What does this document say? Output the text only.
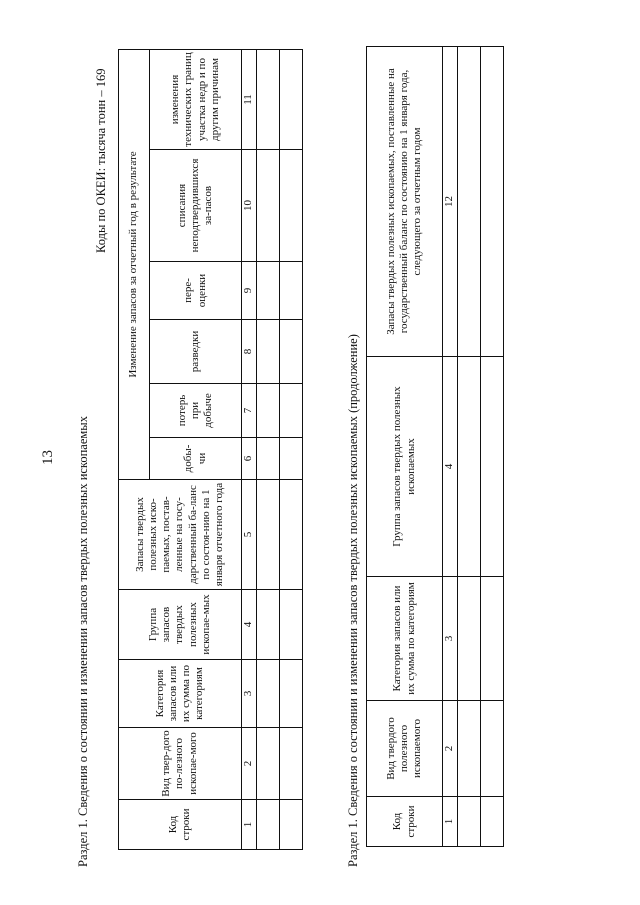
13 Раздел 1. Сведения о состоянии и изменении запасов твердых полезных ископаемых
Коды по ОКЕИ: тысяча тонн – 169
Код строки	Вид твер-дого по-лезного ископае-мого	Категория запасов или их сумма по категориям	Группа запасов твердых полезных ископае-мых	Запасы твердых полезных иско-паемых, постав-ленные на госу-дарственный ба-ланс по состоя-нию на 1 января отчетного года	Изменение запасов за отчетный год в результате					
					добы-чи	потерь при добыче	разведки	пере-оценки	списания неподтвердившихся за-пасов	изменения технических границ участка недр и по другим причинам
1	2	3	4	5	6	7	8	9	10	11

Раздел 1. Сведения о состоянии и изменении запасов твердых полезных ископаемых (продолжение)	Код строки	Вид твердого полезного ископаемого	Категория запасов или их сумма по категориям	Группа запасов твердых полезных ископаемых	Запасы твердых полезных ископаемых, поставленные на государственный баланс по состоянию на 1 января года, следующего за отчетным годом
1	2	3	4	12
